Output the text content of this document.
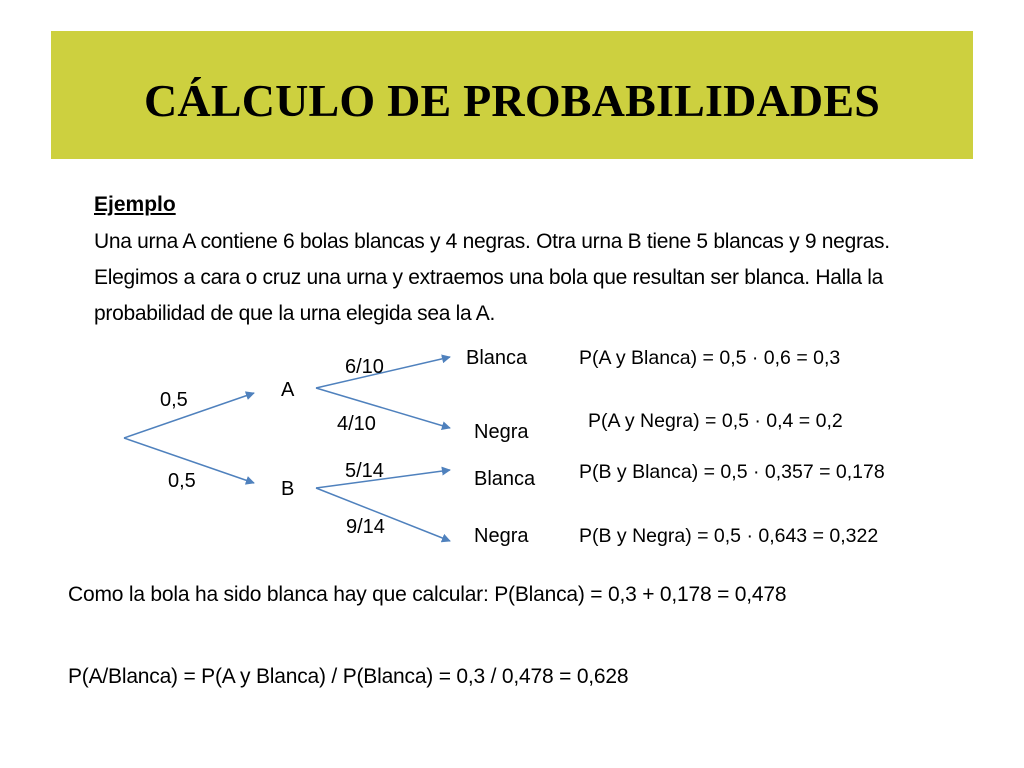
CÁLCULO DE PROBABILIDADES
Ejemplo
Una urna A contiene 6 bolas blancas y 4 negras. Otra urna B tiene 5 blancas y 9 negras. Elegimos a cara o cruz una urna y extraemos una bola que resultan ser blanca. Halla la probabilidad de que la urna elegida sea la A.
0,5	A
0,5	B
6/10
4/10
5/14
9/14
Blanca
Negra
Blanca
Negra
P(A y Blanca) = 0,5 · 0,6 = 0,3
P(A y Negra) = 0,5 · 0,4 = 0,2
P(B y Blanca) = 0,5 · 0,357 = 0,178
P(B y Negra) = 0,5 · 0,643 = 0,322
Como la bola ha sido blanca hay que calcular: P(Blanca) = 0,3 + 0,178 = 0,478
P(A/Blanca) = P(A y Blanca) / P(Blanca) = 0,3 / 0,478 = 0,628
